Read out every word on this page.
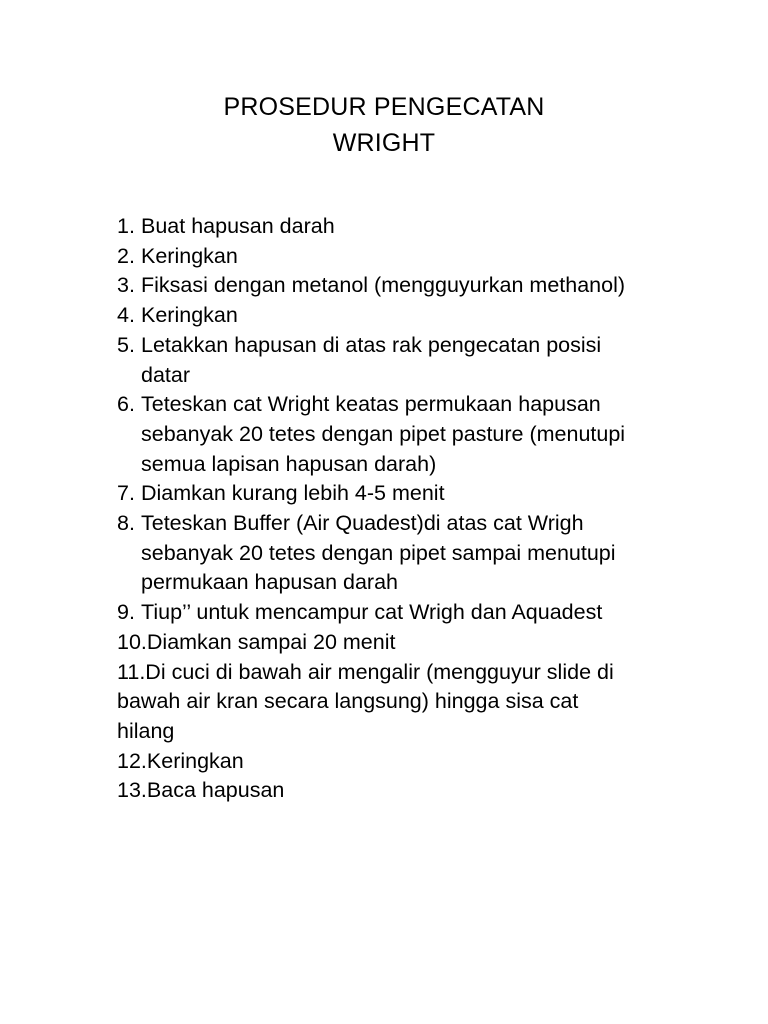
PROSEDUR PENGECATAN
WRIGHT
1. Buat hapusan darah
2. Keringkan
3. Fiksasi dengan metanol (mengguyurkan methanol)
4. Keringkan
5. Letakkan hapusan di atas rak pengecatan posisi
datar
6. Teteskan cat Wright keatas permukaan hapusan
sebanyak 20 tetes dengan pipet pasture (menutupi
semua lapisan hapusan darah)
7. Diamkan kurang lebih 4-5 menit
8. Teteskan Buffer (Air Quadest)di atas cat Wrigh
sebanyak 20 tetes dengan pipet sampai menutupi
permukaan hapusan darah
9. Tiup’’ untuk mencampur cat Wrigh dan Aquadest
10. Diamkan sampai 20 menit
11.Di cuci di bawah air mengalir (mengguyur slide di
bawah air kran secara langsung) hingga sisa cat
hilang
12. Keringkan
13. Baca hapusan
